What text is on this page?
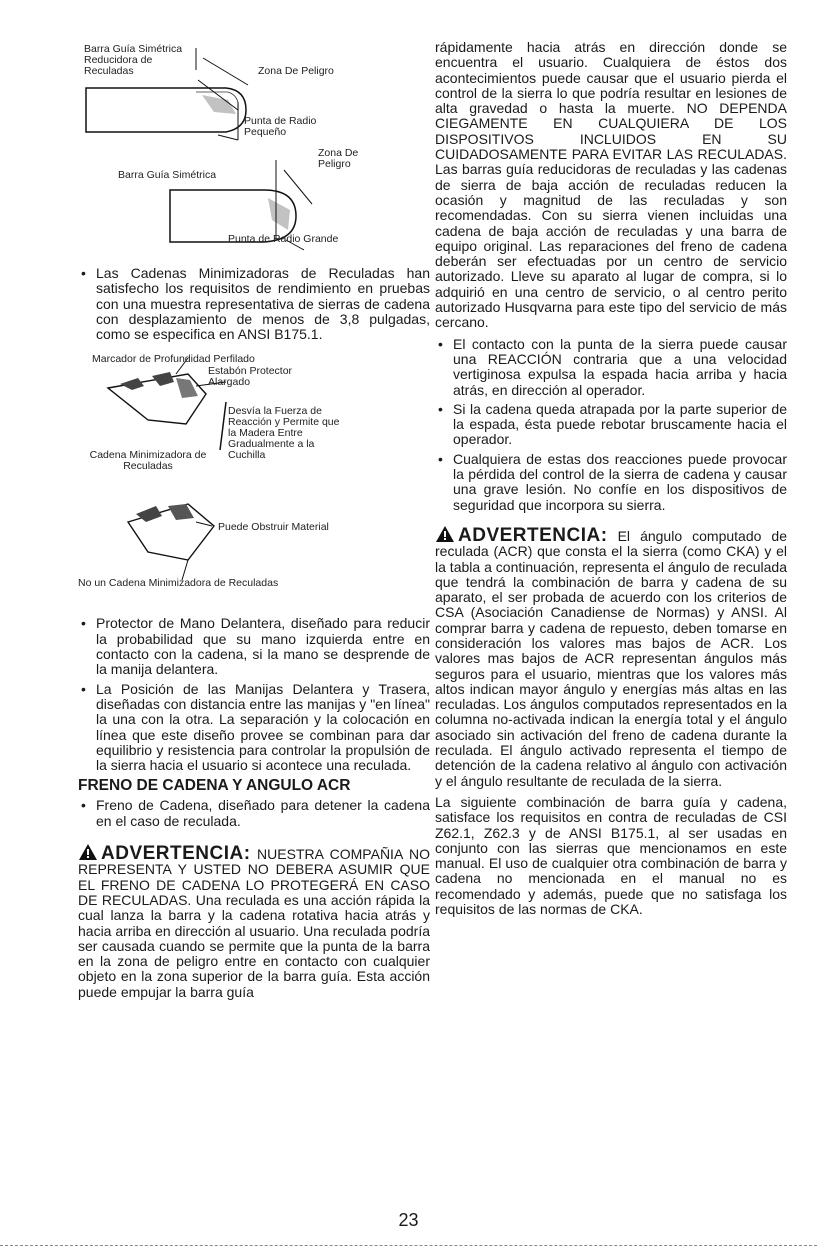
Barra Guía Simétrica Reducidora de Reculadas	Zona De Peligro
Punta de Radio Pequeño
Barra Guía Simétrica
Zona De Peligro
Punta de Radio Grande
• Las Cadenas Minimizadoras de Reculadas han satisfecho los requisitos de rendimiento en pruebas con una muestra representativa de sierras de cadena con desplazamiento de menos de 3,8 pulgadas, como se especifica en ANSI B175.1.
Marcador de Profundidad Perfilado
Estabón Protector Alargado
Desvía la Fuerza de Reacción y Permite que la Madera Entre Gradualmente a la Cuchilla
Cadena Minimizadora de Reculadas
Puede Obstruir Material
No un Cadena Minimizadora de Reculadas
• Protector de Mano Delantera, diseñado para reducir la probabilidad que su mano izquierda entre en contacto con la cadena, si la mano se desprende de la manija delantera.
• La Posición de las Manijas Delantera y Trasera, diseñadas con distancia entre las manijas y "en línea" la una con la otra. La separación y la colocación en línea que este diseño provee se combinan para dar equilibrio y resistencia para controlar la propulsión de la sierra hacia el usuario si acontece una reculada.
FRENO DE CADENA Y ANGULO ACR
• Freno de Cadena, diseñado para detener la cadena en el caso de reculada.

ADVERTENCIA: NUESTRA COMPAÑIA NO REPRESENTA Y USTED NO DEBERA ASUMIR QUE EL FRENO DE CADENA LO PROTEGERÁ EN CASO DE RECULADAS. Una reculada es una acción rápida la cual lanza la barra y la cadena rotativa hacia atrás y hacia arriba en dirección al usuario. Una reculada podría ser causada cuando se permite que la punta de la barra en la zona de peligro entre en contacto con cualquier objeto en la zona superior de la barra guía. Esta acción puede empujar la barra guía

rápidamente hacia atrás en dirección donde se encuentra el usuario. Cualquiera de éstos dos acontecimientos puede causar que el usuario pierda el control de la sierra lo que podría resultar en lesiones de alta gravedad o hasta la muerte. NO DEPENDA CIEGAMENTE EN CUALQUIERA DE LOS DISPOSITIVOS INCLUIDOS EN SU CUIDADOSAMENTE PARA EVITAR LAS RECULADAS. Las barras guía reducidoras de reculadas y las cadenas de sierra de baja acción de reculadas reducen la ocasión y magnitud de las reculadas y son recomendadas. Con su sierra vienen incluidas una cadena de baja acción de reculadas y una barra de equipo original. Las reparaciones del freno de cadena deberán ser efectuadas por un centro de servicio autorizado. Lleve su aparato al lugar de compra, si lo adquirió en una centro de servicio, o al centro perito autorizado Husqvarna para este tipo del servicio de más cercano.

• El contacto con la punta de la sierra puede causar una REACCIÓN contraria que a una velocidad vertiginosa expulsa la espada hacia arriba y hacia atrás, en dirección al operador.
• Si la cadena queda atrapada por la parte superior de la espada, ésta puede rebotar bruscamente hacia el operador.
• Cualquiera de estas dos reacciones puede provocar la pérdida del control de la sierra de cadena y causar una grave lesión. No confíe en los dispositivos de seguridad que incorpora su sierra.

ADVERTENCIA: El ángulo computado de reculada (ACR) que consta el la sierra (como CKA) y el la tabla a continuación, representa el ángulo de reculada que tendrá la combinación de barra y cadena de su aparato, el ser probada de acuerdo con los criterios de CSA (Asociación Canadiense de Normas) y ANSI. Al comprar barra y cadena de repuesto, deben tomarse en consideración los valores mas bajos de ACR. Los valores mas bajos de ACR representan ángulos más seguros para el usuario, mientras que los valores más altos indican mayor ángulo y energías más altas en las reculadas. Los ángulos computados representados en la columna no-activada indican la energía total y el ángulo asociado sin activación del freno de cadena durante la reculada. El ángulo activado representa el tiempo de detención de la cadena relativo al ángulo con activación y el ángulo resultante de reculada de la sierra.

La siguiente combinación de barra guía y cadena, satisface los requisitos en contra de reculadas de CSI Z62.1, Z62.3 y de ANSI B175.1, al ser usadas en conjunto con las sierras que mencionamos en este manual. El uso de cualquier otra combinación de barra y cadena no mencionada en el manual no es recomendado y además, puede que no satisfaga los requisitos de las normas de CKA.

23
